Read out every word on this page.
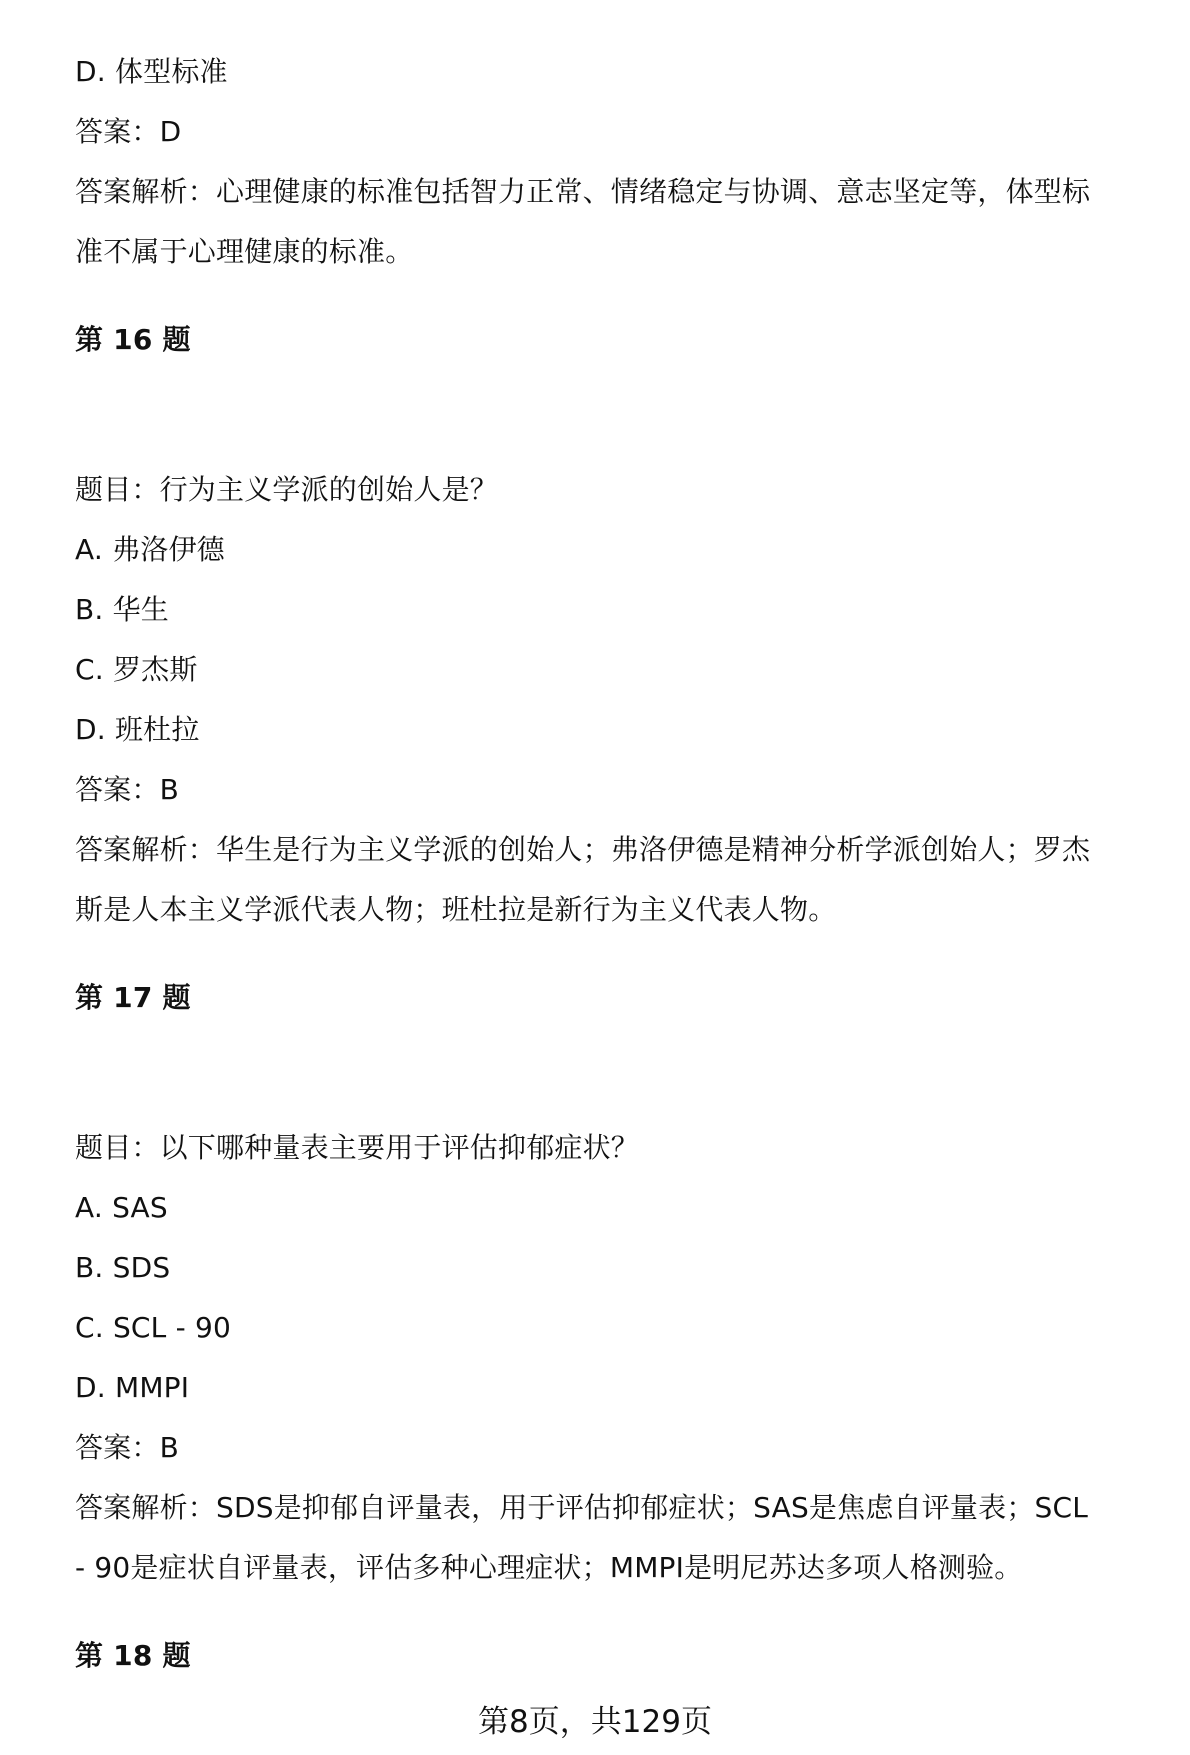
D. 体型标准
答案：D
答案解析：心理健康的标准包括智力正常、情绪稳定与协调、意志坚定等，体型标
准不属于心理健康的标准。
第 16 题
题目：行为主义学派的创始人是？
A. 弗洛伊德
B. 华生
C. 罗杰斯
D. 班杜拉
答案：B
答案解析：华生是行为主义学派的创始人；弗洛伊德是精神分析学派创始人；罗杰
斯是人本主义学派代表人物；班杜拉是新行为主义代表人物。
第 17 题
题目：以下哪种量表主要用于评估抑郁症状？
A. SAS
B. SDS
C. SCL - 90
D. MMPI
答案：B
答案解析：SDS是抑郁自评量表，用于评估抑郁症状；SAS是焦虑自评量表；SCL
- 90是症状自评量表，评估多种心理症状；MMPI是明尼苏达多项人格测验。
第 18 题
第8页，共129页
